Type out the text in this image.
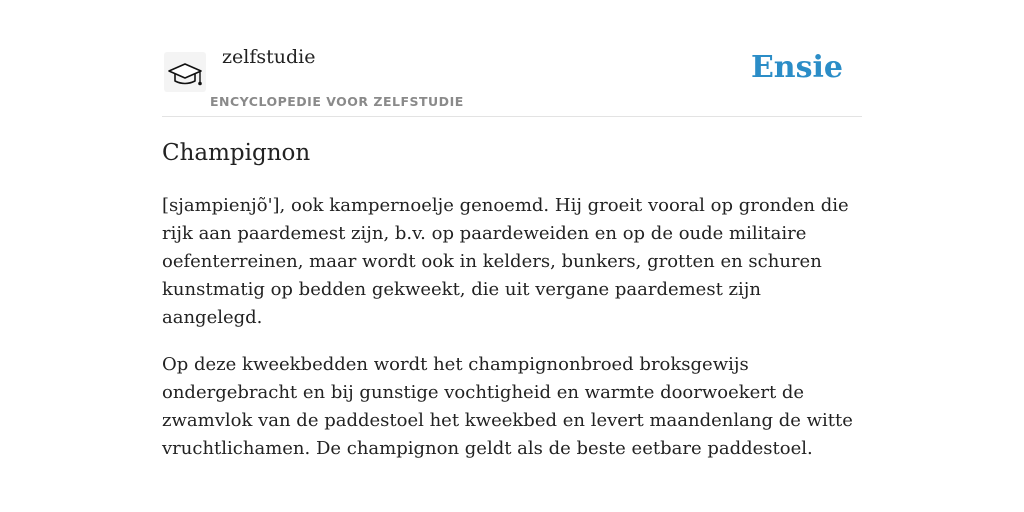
zelfstudie
ENCYCLOPEDIE VOOR ZELFSTUDIE
Ensie
Champignon

[sjampienjõ'], ook kampernoelje genoemd. Hij groeit vooral op gronden die rijk aan paardemest zijn, b.v. op paardeweiden en op de oude militaire oefenterreinen, maar wordt ook in kelders, bunkers, grotten en schuren kunstmatig op bedden gekweekt, die uit vergane paardemest zijn aangelegd.

Op deze kweekbedden wordt het champignonbroed broksgewijs ondergebracht en bij gunstige vochtigheid en warmte doorwoekert de zwamvlok van de paddestoel het kweekbed en levert maandenlang de witte vruchtlichamen. De champignon geldt als de beste eetbare paddestoel.
